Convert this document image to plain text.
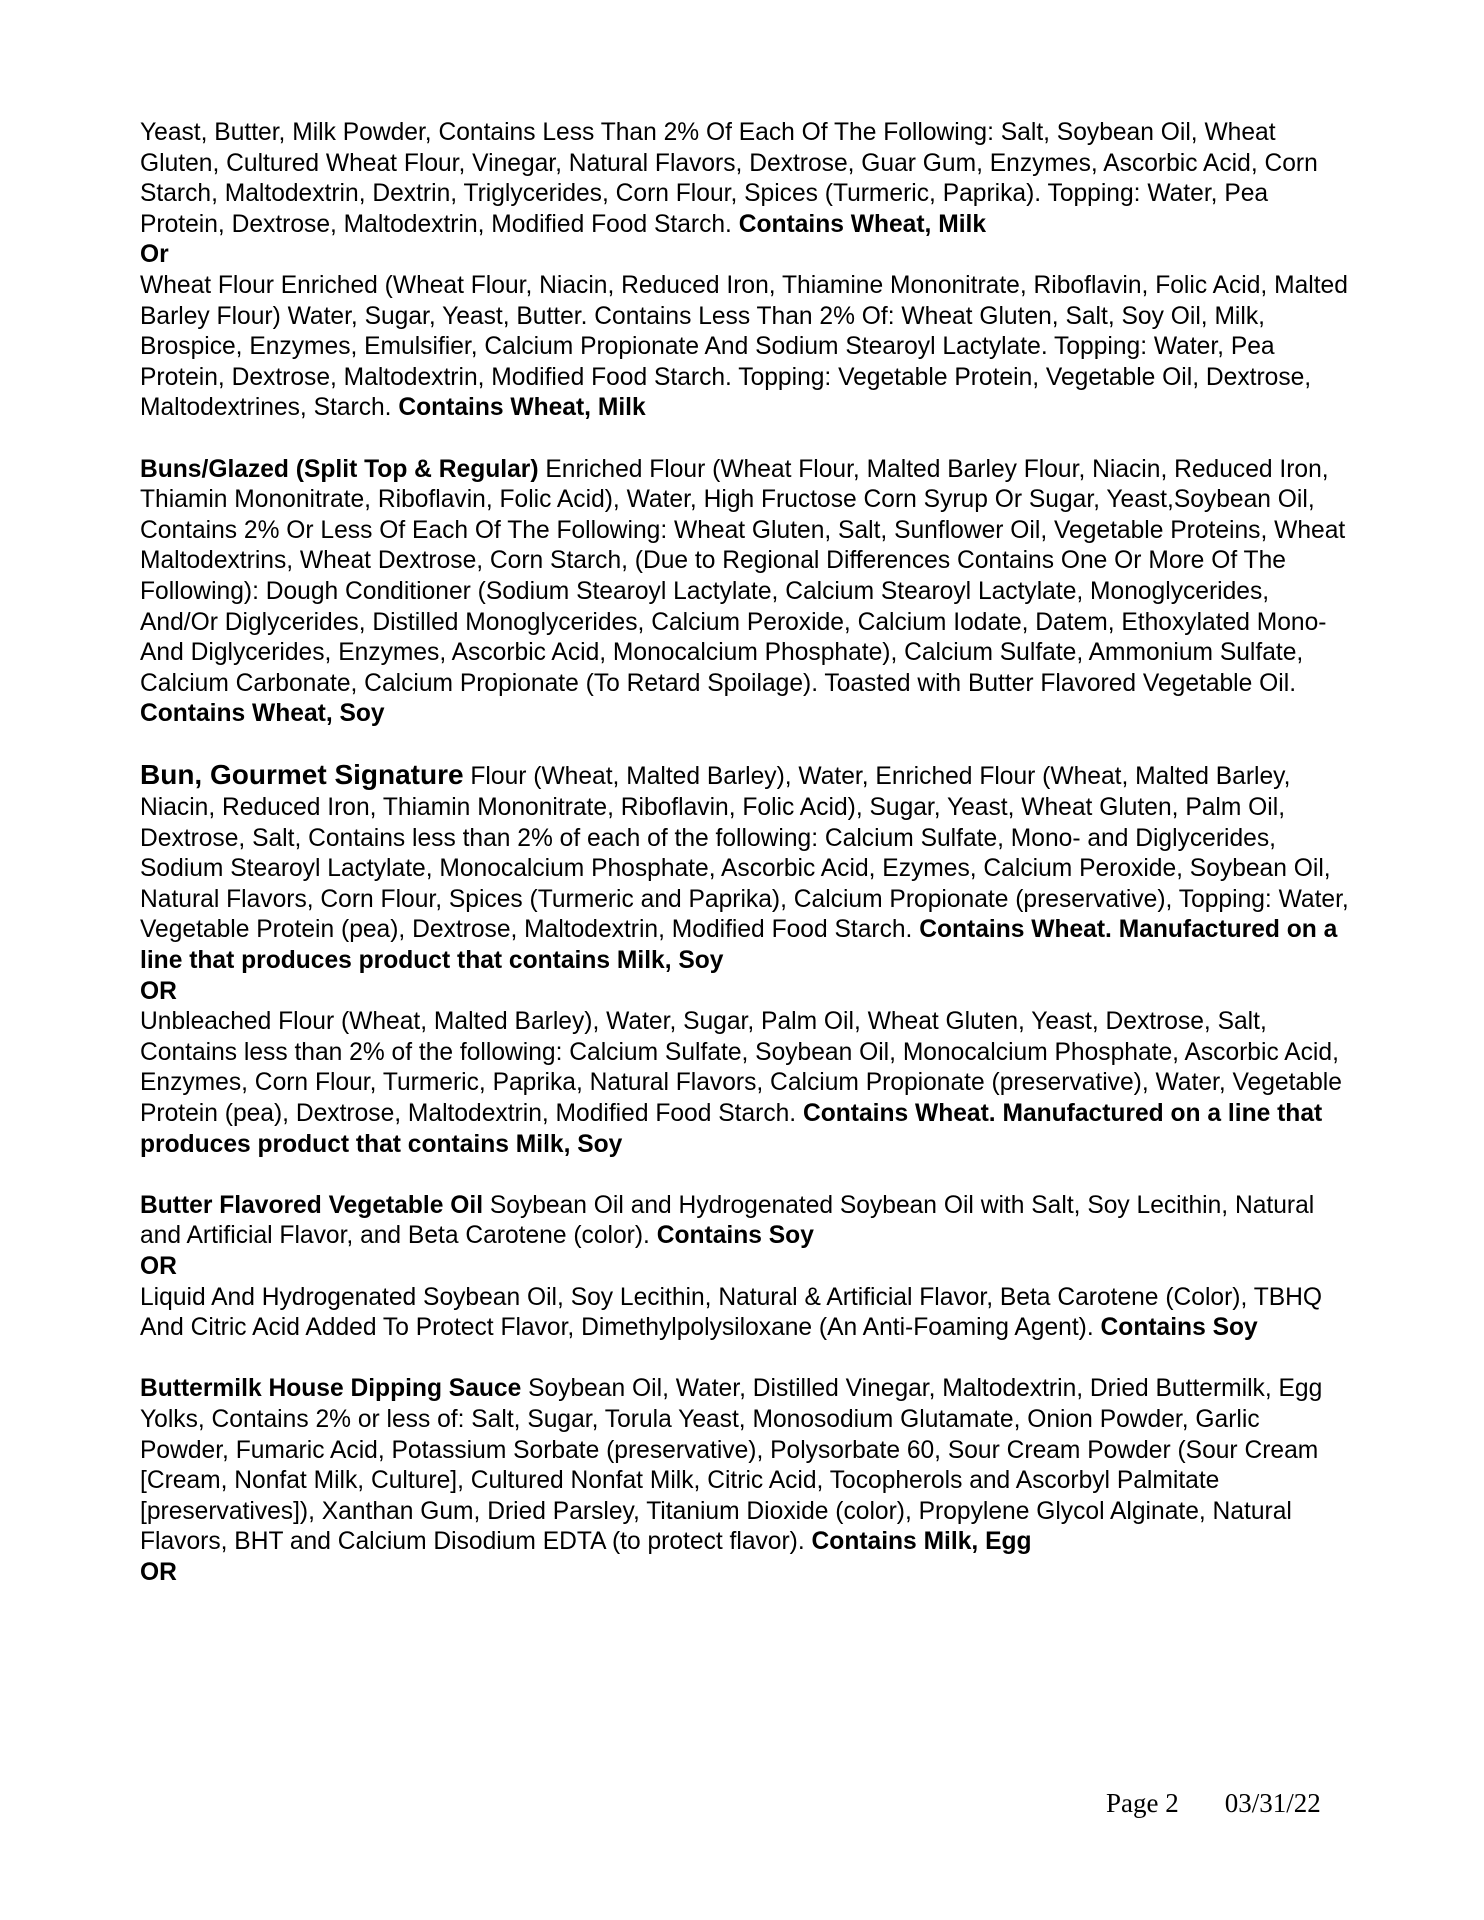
Yeast, Butter, Milk Powder, Contains Less Than 2% Of Each Of The Following: Salt, Soybean Oil, Wheat Gluten, Cultured Wheat Flour, Vinegar, Natural Flavors, Dextrose, Guar Gum, Enzymes, Ascorbic Acid, Corn Starch, Maltodextrin, Dextrin, Triglycerides, Corn Flour, Spices (Turmeric, Paprika). Topping: Water, Pea Protein, Dextrose, Maltodextrin, Modified Food Starch. Contains Wheat, Milk

Or

Wheat Flour Enriched (Wheat Flour, Niacin, Reduced Iron, Thiamine Mononitrate, Riboflavin, Folic Acid, Malted Barley Flour) Water, Sugar, Yeast, Butter. Contains Less Than 2% Of: Wheat Gluten, Salt, Soy Oil, Milk, Brospice, Enzymes, Emulsifier, Calcium Propionate And Sodium Stearoyl Lactylate. Topping: Water, Pea Protein, Dextrose, Maltodextrin, Modified Food Starch. Topping: Vegetable Protein, Vegetable Oil, Dextrose, Maltodextrines, Starch. Contains Wheat, Milk

Buns/Glazed (Split Top & Regular) Enriched Flour (Wheat Flour, Malted Barley Flour, Niacin, Reduced Iron, Thiamin Mononitrate, Riboflavin, Folic Acid), Water, High Fructose Corn Syrup Or Sugar, Yeast,Soybean Oil, Contains 2% Or Less Of Each Of The Following: Wheat Gluten, Salt, Sunflower Oil, Vegetable Proteins, Wheat Maltodextrins, Wheat Dextrose, Corn Starch, (Due to Regional Differences Contains One Or More Of The Following): Dough Conditioner (Sodium Stearoyl Lactylate, Calcium Stearoyl Lactylate, Monoglycerides, And/Or Diglycerides, Distilled Monoglycerides, Calcium Peroxide, Calcium Iodate, Datem, Ethoxylated Mono- And Diglycerides, Enzymes, Ascorbic Acid, Monocalcium Phosphate), Calcium Sulfate, Ammonium Sulfate, Calcium Carbonate, Calcium Propionate (To Retard Spoilage). Toasted with Butter Flavored Vegetable Oil. Contains Wheat, Soy

Bun, Gourmet Signature Flour (Wheat, Malted Barley), Water, Enriched Flour (Wheat, Malted Barley, Niacin, Reduced Iron, Thiamin Mononitrate, Riboflavin, Folic Acid), Sugar, Yeast, Wheat Gluten, Palm Oil, Dextrose, Salt, Contains less than 2% of each of the following: Calcium Sulfate, Mono- and Diglycerides, Sodium Stearoyl Lactylate, Monocalcium Phosphate, Ascorbic Acid, Ezymes, Calcium Peroxide, Soybean Oil, Natural Flavors, Corn Flour, Spices (Turmeric and Paprika), Calcium Propionate (preservative), Topping: Water, Vegetable Protein (pea), Dextrose, Maltodextrin, Modified Food Starch. Contains Wheat. Manufactured on a line that produces product that contains Milk, Soy

OR

Unbleached Flour (Wheat, Malted Barley), Water, Sugar, Palm Oil, Wheat Gluten, Yeast, Dextrose, Salt, Contains less than 2% of the following: Calcium Sulfate, Soybean Oil, Monocalcium Phosphate, Ascorbic Acid, Enzymes, Corn Flour, Turmeric, Paprika, Natural Flavors, Calcium Propionate (preservative), Water, Vegetable Protein (pea), Dextrose, Maltodextrin, Modified Food Starch. Contains Wheat. Manufactured on a line that produces product that contains Milk, Soy

Butter Flavored Vegetable Oil Soybean Oil and Hydrogenated Soybean Oil with Salt, Soy Lecithin, Natural and Artificial Flavor, and Beta Carotene (color). Contains Soy

OR

Liquid And Hydrogenated Soybean Oil, Soy Lecithin, Natural & Artificial Flavor, Beta Carotene (Color), TBHQ And Citric Acid Added To Protect Flavor, Dimethylpolysiloxane (An Anti-Foaming Agent). Contains Soy

Buttermilk House Dipping Sauce Soybean Oil, Water, Distilled Vinegar, Maltodextrin, Dried Buttermilk, Egg Yolks, Contains 2% or less of: Salt, Sugar, Torula Yeast, Monosodium Glutamate, Onion Powder, Garlic Powder, Fumaric Acid, Potassium Sorbate (preservative), Polysorbate 60, Sour Cream Powder (Sour Cream [Cream, Nonfat Milk, Culture], Cultured Nonfat Milk, Citric Acid, Tocopherols and Ascorbyl Palmitate [preservatives]), Xanthan Gum, Dried Parsley, Titanium Dioxide (color), Propylene Glycol Alginate, Natural Flavors, BHT and Calcium Disodium EDTA (to protect flavor). Contains Milk, Egg

OR

Page 2 03/31/22
